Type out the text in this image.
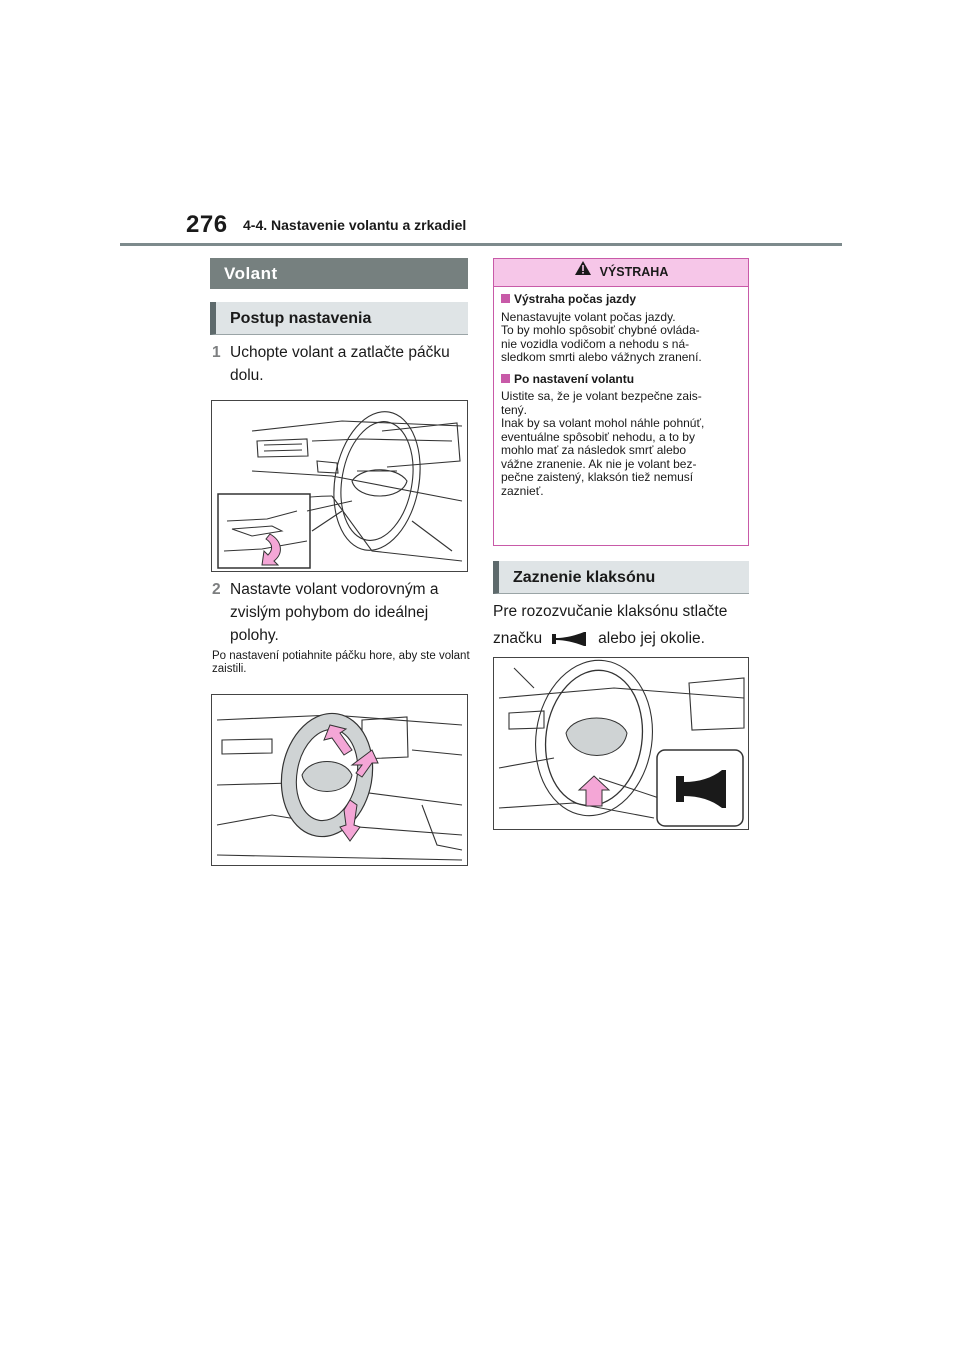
276 4-4. Nastavenie volantu a zrkadiel
Volant
Postup nastavenia
1 Uchopte volant a zatlačte páčku dolu.
2 Nastavte volant vodorovným a zvislým pohybom do ideálnej polohy.
Po nastavení potiahnite páčku hore, aby ste volant zaistili.
VÝSTRAHA
Výstraha počas jazdy
Nenastavujte volant počas jazdy.
To by mohlo spôsobiť chybné ovláda-
nie vozidla vodičom a nehodu s ná-
sledkom smrti alebo vážnych zranení.
Po nastavení volantu
Uistite sa, že je volant bezpečne zais-
tený.
Inak by sa volant mohol náhle pohnúť,
eventuálne spôsobiť nehodu, a to by
mohlo mať za následok smrť alebo
vážne zranenie. Ak nie je volant bez-
pečne zaistený, klaksón tiež nemusí
zaznieť.
Zaznenie klaksónu
Pre rozozvučanie klaksónu stlačte značku	alebo jej okolie.
